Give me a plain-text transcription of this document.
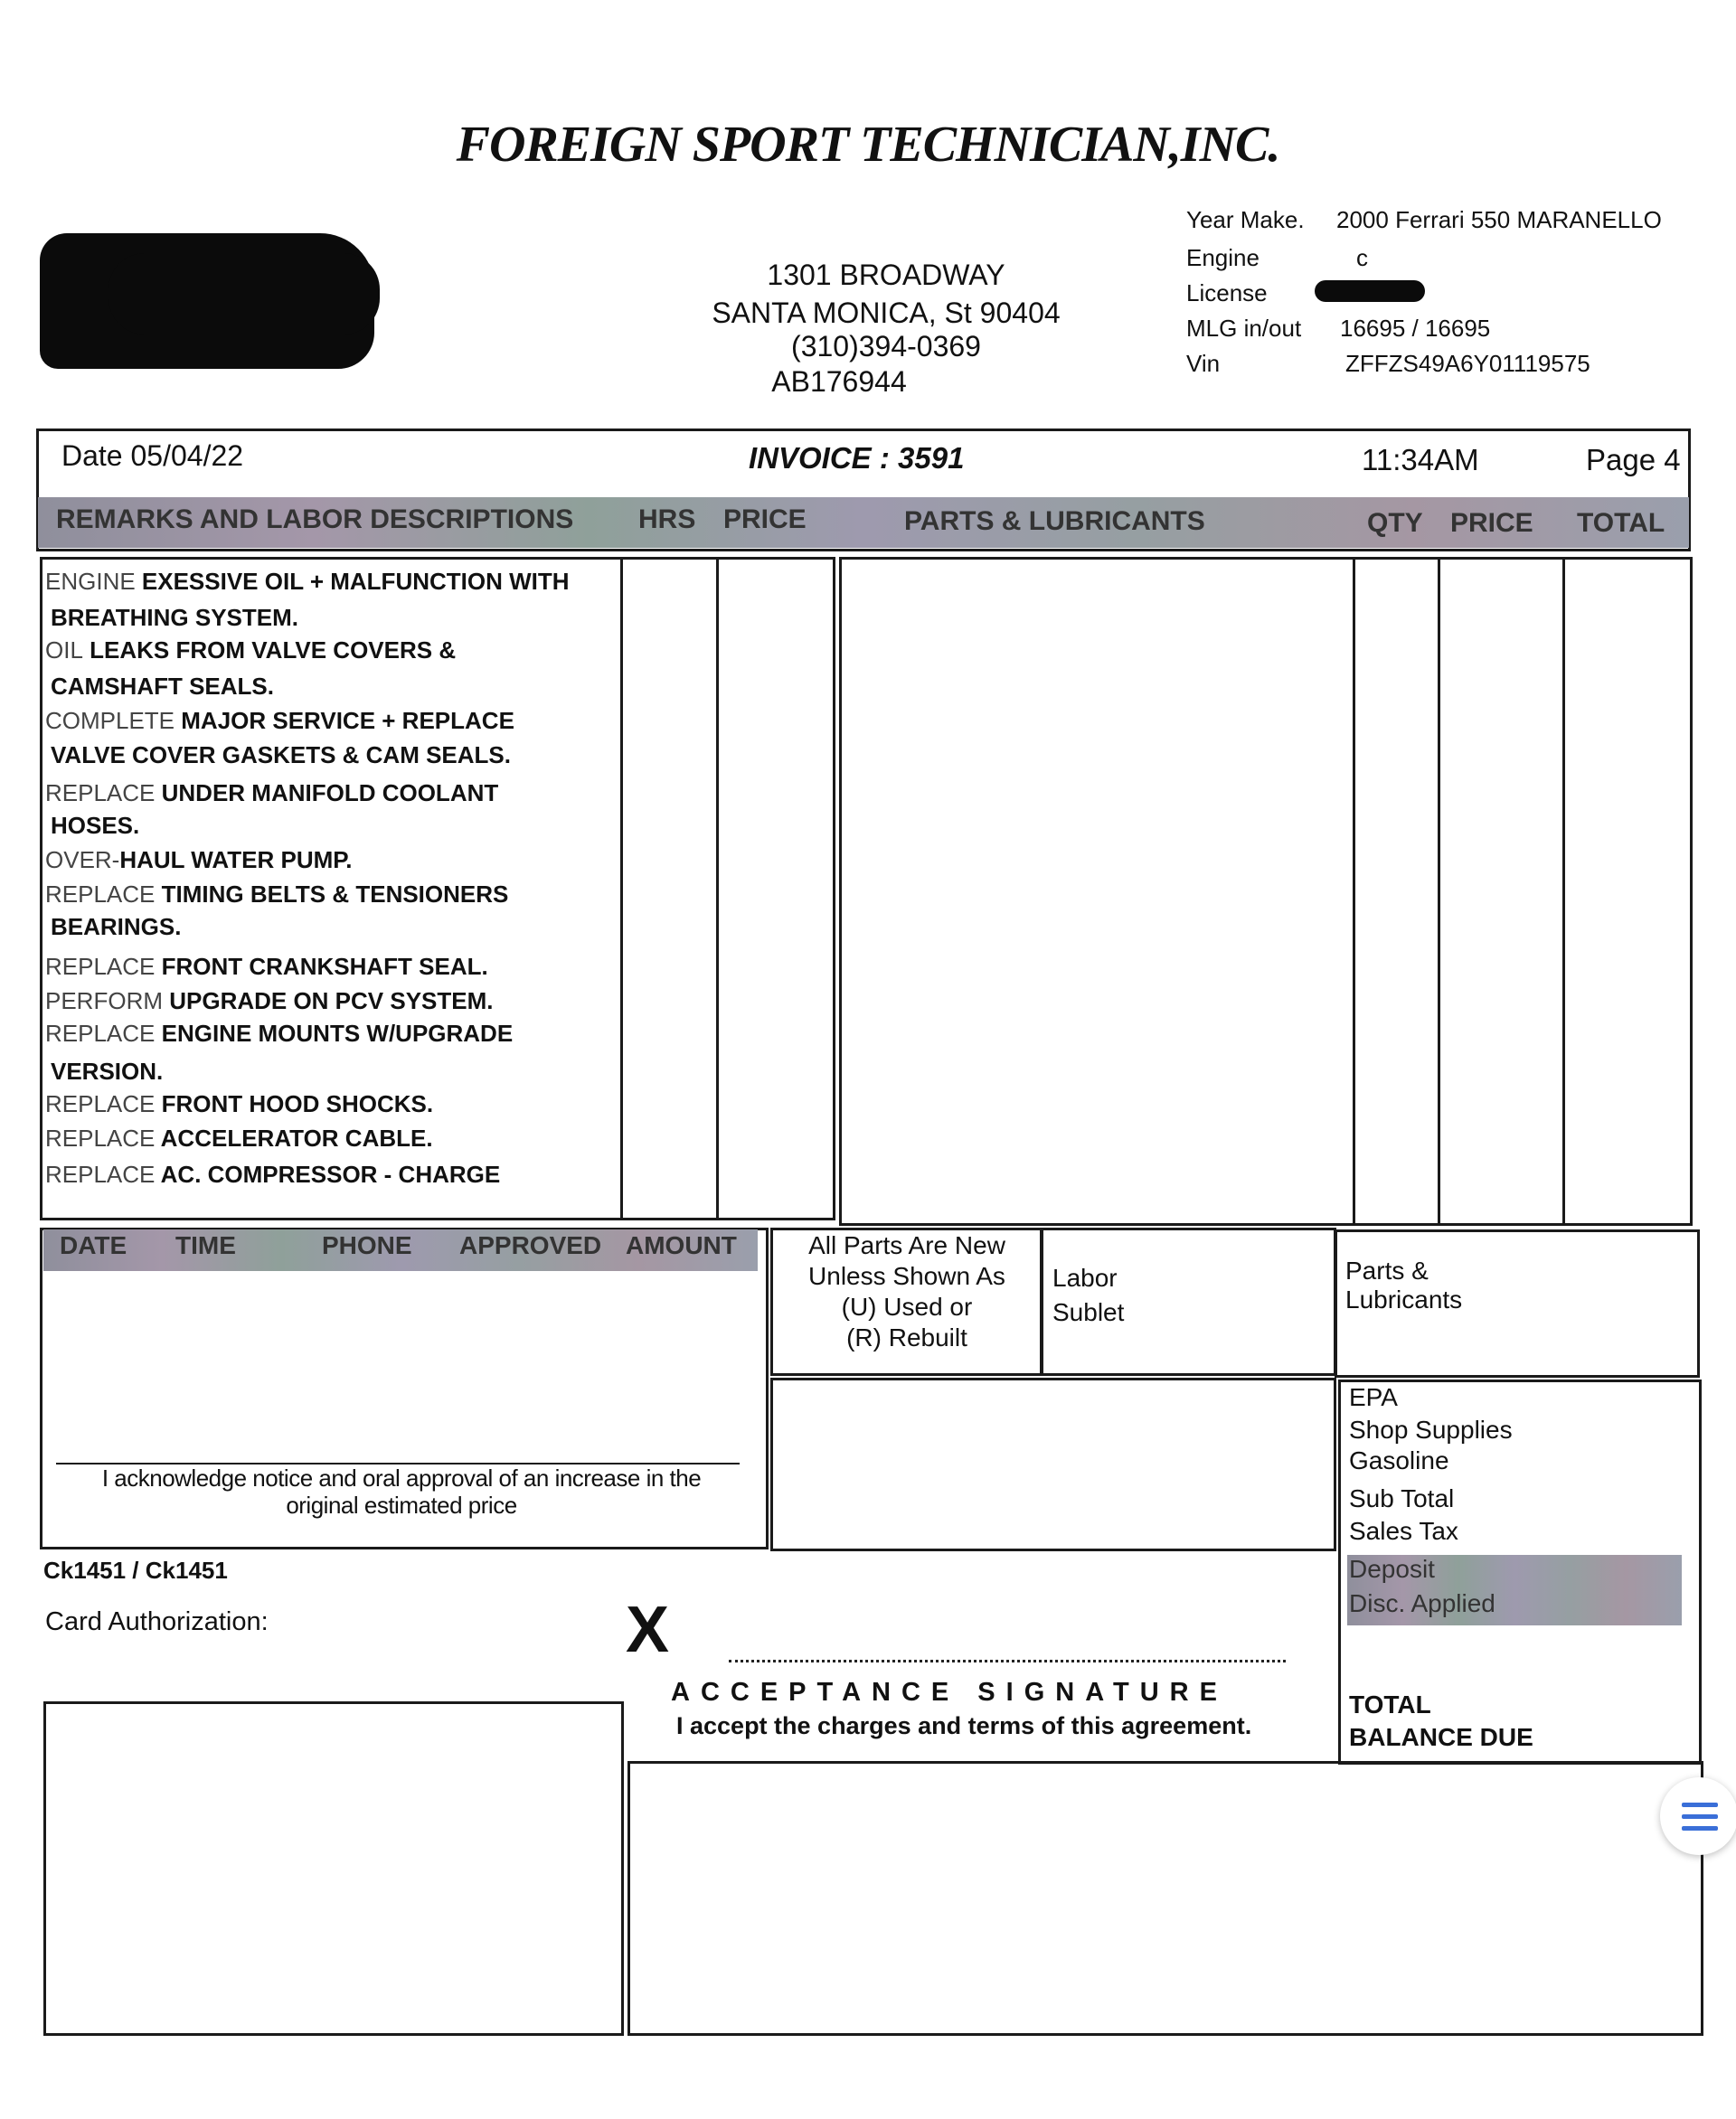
FOREIGN SPORT TECHNICIAN,INC.
1301 BROADWAY
SANTA MONICA, St 90404
(310)394-0369
AB176944
Year Make. 2000 Ferrari 550 MARANELLO
Engine	c
License
MLG in/out 16695 / 16695
Vin	ZFFZS49A6Y01119575
Date 05/04/22	INVOICE : 3591	11:34AM	Page 4
REMARKS AND LABOR DESCRIPTIONS HRS PRICE	PARTS & LUBRICANTS	QTY PRICE TOTAL
ENGINE EXESSIVE OIL + MALFUNCTION WITH
BREATHING SYSTEM.
OIL LEAKS FROM VALVE COVERS &
CAMSHAFT SEALS.
COMPLETE MAJOR SERVICE + REPLACE
VALVE COVER GASKETS & CAM SEALS.
REPLACE UNDER MANIFOLD COOLANT
HOSES.
OVER-HAUL WATER PUMP.
REPLACE TIMING BELTS & TENSIONERS
BEARINGS.
REPLACE FRONT CRANKSHAFT SEAL.
PERFORM UPGRADE ON PCV SYSTEM.
REPLACE ENGINE MOUNTS W/UPGRADE
VERSION.
REPLACE FRONT HOOD SHOCKS.
REPLACE ACCELERATOR CABLE.
REPLACE AC. COMPRESSOR - CHARGE
DATE TIME	PHONE APPROVED AMOUNT
I acknowledge notice and oral approval of an increase in the
original estimated price
All Parts Are New
Unless Shown As
(U) Used or
(R) Rebuilt
Labor
Sublet
Parts &
Lubricants
EPA
Shop Supplies
Gasoline
Sub Total
Sales Tax
Deposit
Disc. Applied
TOTAL
BALANCE DUE
Ck1451 / Ck1451
Card Authorization:	X
ACCEPTANCE SIGNATURE
I accept the charges and terms of this agreement.
